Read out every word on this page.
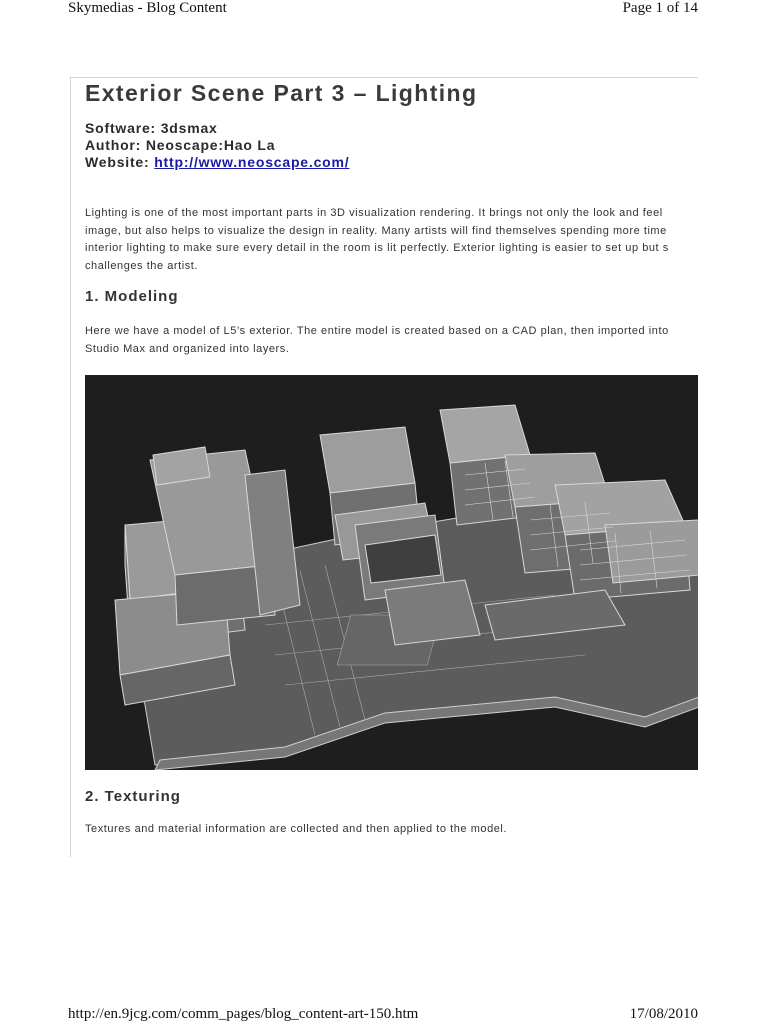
Skymedias - Blog Content	Page 1 of 14
Exterior Scene Part 3 – Lighting
Software: 3dsmax
Author: Neoscape:Hao La
Website: http://www.neoscape.com/

Lighting is one of the most important parts in 3D visualization rendering. It brings not only the look and feel
image, but also helps to visualize the design in reality. Many artists will find themselves spending more time
interior lighting to make sure every detail in the room is lit perfectly. Exterior lighting is easier to set up but s
challenges the artist.

1. Modeling

Here we have a model of L5’s exterior. The entire model is created based on a CAD plan, then imported into
Studio Max and organized into layers.

2. Texturing

Textures and material information are collected and then applied to the model.

http://en.9jcg.com/comm_pages/blog_content-art-150.htm	17/08/2010
